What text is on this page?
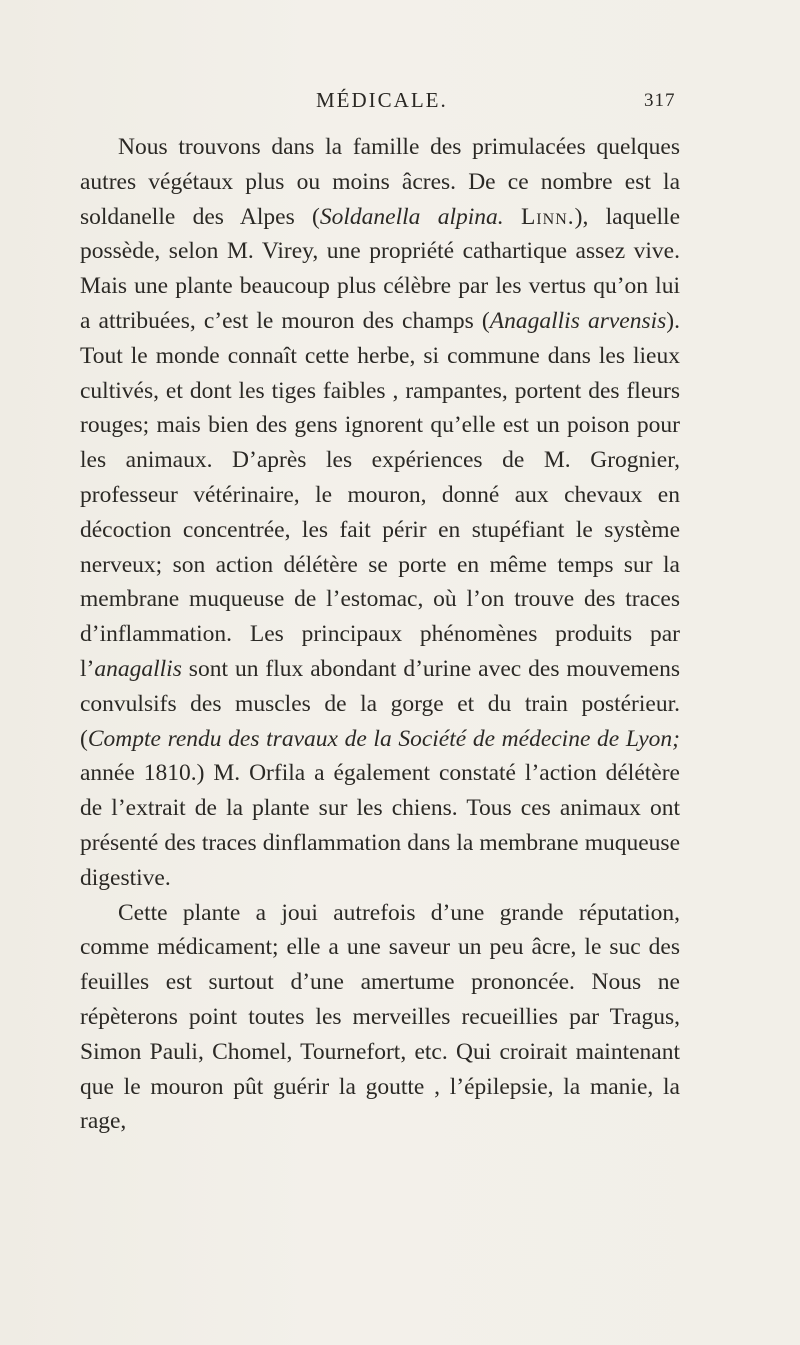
MÉDICALE.	317

Nous trouvons dans la famille des primulacées quelques autres végétaux plus ou moins âcres. De ce nombre est la soldanelle des Alpes (Soldanella alpina. Linn.), laquelle possède, selon M. Virey, une propriété cathartique assez vive. Mais une plante beaucoup plus célèbre par les vertus qu’on lui a attribuées, c’est le mouron des champs (Anagallis arvensis). Tout le monde connaît cette herbe, si commune dans les lieux cultivés, et dont les tiges faibles , rampantes, portent des fleurs rouges; mais bien des gens ignorent qu’elle est un poison pour les animaux. D’après les expériences de M. Grognier, professeur vétérinaire, le mouron, donné aux chevaux en décoction concentrée, les fait périr en stupéfiant le système nerveux; son action délétère se porte en même temps sur la membrane muqueuse de l’estomac, où l’on trouve des traces d’inflammation. Les principaux phénomènes produits par l’anagallis sont un flux abondant d’urine avec des mouvemens convulsifs des muscles de la gorge et du train postérieur. (Compte rendu des travaux de la Société de médecine de Lyon; année 1810.) M. Orfila a également constaté l’action délétère de l’extrait de la plante sur les chiens. Tous ces animaux ont présenté des traces dinflammation dans la membrane muqueuse digestive.

Cette plante a joui autrefois d’une grande réputation, comme médicament; elle a une saveur un peu âcre, le suc des feuilles est surtout d’une amertume prononcée. Nous ne répèterons point toutes les merveilles recueillies par Tragus, Simon Pauli, Chomel, Tournefort, etc. Qui croirait maintenant que le mouron pût guérir la goutte , l’épilepsie, la manie, la rage,
